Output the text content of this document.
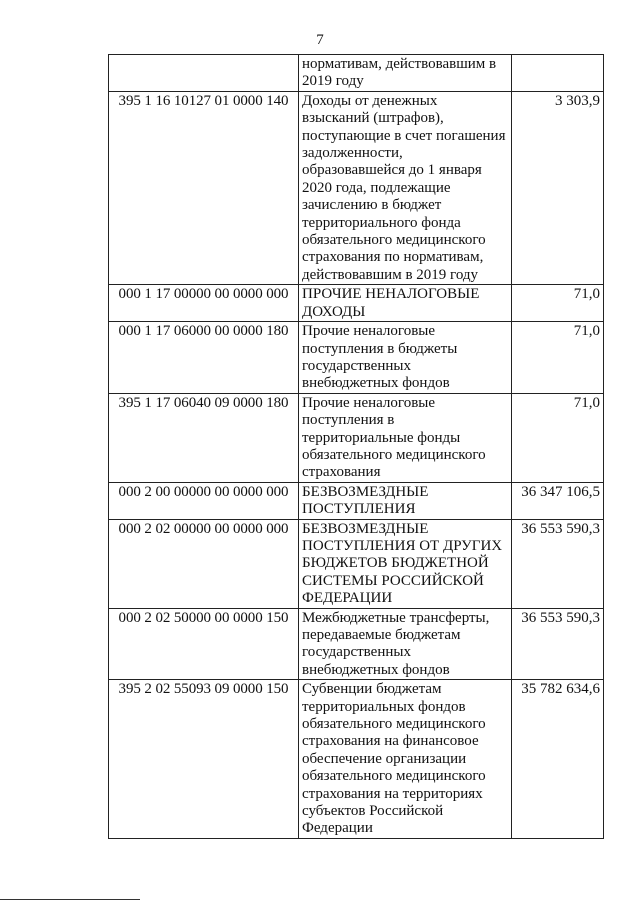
7
	нормативам, действовавшим в 2019 году	
395 1 16 10127 01 0000 140	Доходы от денежных взысканий (штрафов), поступающие в счет погашения задолженности, образовавшейся до 1 января 2020 года, подлежащие зачислению в бюджет территориального фонда обязательного медицинского страхования по нормативам, действовавшим в 2019 году	3 303,9
000 1 17 00000 00 0000 000	ПРОЧИЕ НЕНАЛОГОВЫЕ ДОХОДЫ	71,0
000 1 17 06000 00 0000 180	Прочие неналоговые поступления в бюджеты государственных внебюджетных фондов	71,0
395 1 17 06040 09 0000 180	Прочие неналоговые поступления в территориальные фонды обязательного медицинского страхования	71,0
000 2 00 00000 00 0000 000	БЕЗВОЗМЕЗДНЫЕ ПОСТУПЛЕНИЯ	36 347 106,5
000 2 02 00000 00 0000 000	БЕЗВОЗМЕЗДНЫЕ ПОСТУПЛЕНИЯ ОТ ДРУГИХ БЮДЖЕТОВ БЮДЖЕТНОЙ СИСТЕМЫ РОССИЙСКОЙ ФЕДЕРАЦИИ	36 553 590,3
000 2 02 50000 00 0000 150	Межбюджетные трансферты, передаваемые бюджетам государственных внебюджетных фондов	36 553 590,3
395 2 02 55093 09 0000 150	Субвенции бюджетам территориальных фондов обязательного медицинского страхования на финансовое обеспечение организации обязательного медицинского страхования на территориях субъектов Российской Федерации	35 782 634,6
